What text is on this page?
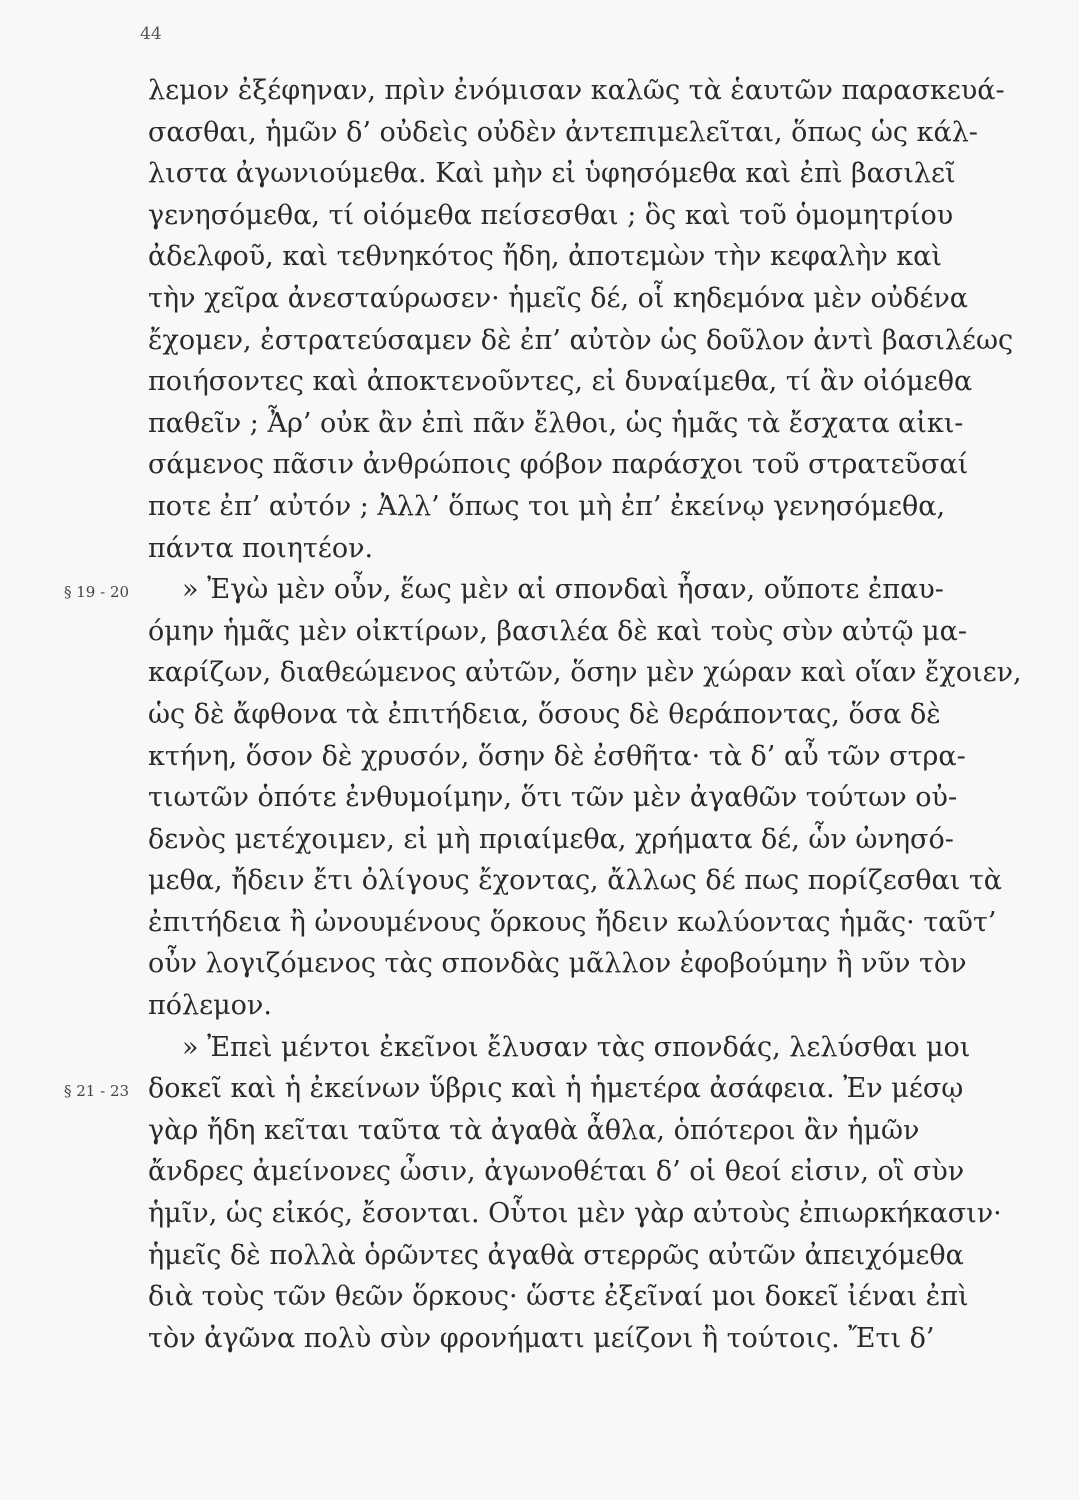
44
§ 19 - 20
§ 21 - 23
λεμον ἐξέφηναν, πρὶν ἐνόμισαν καλῶς τὰ ἑαυτῶν παρασκευά-
σασθαι, ἡμῶν δ’ οὐδεὶς οὐδὲν ἀντεπιμελεῖται, ὅπως ὡς κάλ-
λιστα ἀγωνιούμεθα. Καὶ μὴν εἰ ὑφησόμεθα καὶ ἐπὶ βασιλεῖ
γενησόμεθα, τί οἰόμεθα πείσεσθαι ; ὃς καὶ τοῦ ὁμομητρίου
ἀδελφοῦ, καὶ τεθνηκότος ἤδη, ἀποτεμὼν τὴν κεφαλὴν καὶ
τὴν χεῖρα ἀνεσταύρωσεν· ἡμεῖς δέ, οἷ κηδεμόνα μὲν οὐδένα
ἔχομεν, ἐστρατεύσαμεν δὲ ἐπ’ αὐτὸν ὡς δοῦλον ἀντὶ βασιλέως
ποιήσοντες καὶ ἀποκτενοῦντες, εἰ δυναίμεθα, τί ἂν οἰόμεθα
παθεῖν ; Ἆρ’ οὐκ ἂν ἐπὶ πᾶν ἔλθοι, ὡς ἡμᾶς τὰ ἔσχατα αἰκι-
σάμενος πᾶσιν ἀνθρώποις φόβον παράσχοι τοῦ στρατεῦσαί
ποτε ἐπ’ αὐτόν ; Ἀλλ’ ὅπως τοι μὴ ἐπ’ ἐκείνῳ γενησόμεθα,
πάντα ποιητέον.
» Ἐγὼ μὲν οὖν, ἕως μὲν αἱ σπονδαὶ ἦσαν, οὔποτε ἐπαυ-
όμην ἡμᾶς μὲν οἰκτίρων, βασιλέα δὲ καὶ τοὺς σὺν αὐτῷ μα-
καρίζων, διαθεώμενος αὐτῶν, ὅσην μὲν χώραν καὶ οἵαν ἔχοιεν,
ὡς δὲ ἄφθονα τὰ ἐπιτήδεια, ὅσους δὲ θεράποντας, ὅσα δὲ
κτήνη, ὅσον δὲ χρυσόν, ὅσην δὲ ἐσθῆτα· τὰ δ’ αὖ τῶν στρα-
τιωτῶν ὁπότε ἐνθυμοίμην, ὅτι τῶν μὲν ἀγαθῶν τούτων οὐ-
δενὸς μετέχοιμεν, εἰ μὴ πριαίμεθα, χρήματα δέ, ὧν ὠνησό-
μεθα, ἤδειν ἔτι ὀλίγους ἔχοντας, ἄλλως δέ πως πορίζεσθαι τὰ
ἐπιτήδεια ἢ ὠνουμένους ὅρκους ἤδειν κωλύοντας ἡμᾶς· ταῦτ’
οὖν λογιζόμενος τὰς σπονδὰς μᾶλλον ἐφοβούμην ἢ νῦν τὸν
πόλεμον.
» Ἐπεὶ μέντοι ἐκεῖνοι ἔλυσαν τὰς σπονδάς, λελύσθαι μοι
δοκεῖ καὶ ἡ ἐκείνων ὕβρις καὶ ἡ ἡμετέρα ἀσάφεια. Ἐν μέσῳ
γὰρ ἤδη κεῖται ταῦτα τὰ ἀγαθὰ ἆθλα, ὁπότεροι ἂν ἡμῶν
ἄνδρες ἀμείνονες ὦσιν, ἀγωνοθέται δ’ οἱ θεοί εἰσιν, οἳ σὺν
ἡμῖν, ὡς εἰκός, ἔσονται. Οὗτοι μὲν γὰρ αὐτοὺς ἐπιωρκήκασιν·
ἡμεῖς δὲ πολλὰ ὁρῶντες ἀγαθὰ στερρῶς αὐτῶν ἀπειχόμεθα
διὰ τοὺς τῶν θεῶν ὅρκους· ὥστε ἐξεῖναί μοι δοκεῖ ἰέναι ἐπὶ
τὸν ἀγῶνα πολὺ σὺν φρονήματι μείζονι ἢ τούτοις. Ἔτι δ’
